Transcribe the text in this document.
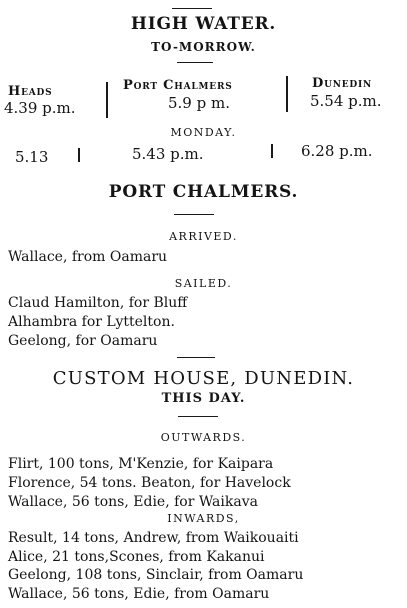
HIGH WATER.
TO-MORROW.
Heads
4.39 p.m.
Port Chalmers
5.9 p m.
Dunedin
5.54 p.m.
MONDAY.
5.13	5.43 p.m.	6.28 p.m.
PORT CHALMERS.
ARRIVED.
Wallace, from Oamaru
SAILED.
Claud Hamilton, for Bluff
Alhambra for Lyttelton.
Geelong, for Oamaru
CUSTOM HOUSE, DUNEDIN.
THIS DAY.
OUTWARDS.
Flirt, 100 tons, M'Kenzie, for Kaipara
Florence, 54 tons. Beaton, for Havelock
Wallace, 56 tons, Edie, for Waikava
INWARDS,
Result, 14 tons, Andrew, from Waikouaiti
Alice, 21 tons,Scones, from Kakanui
Geelong, 108 tons, Sinclair, from Oamaru
Wallace, 56 tons, Edie, from Oamaru
